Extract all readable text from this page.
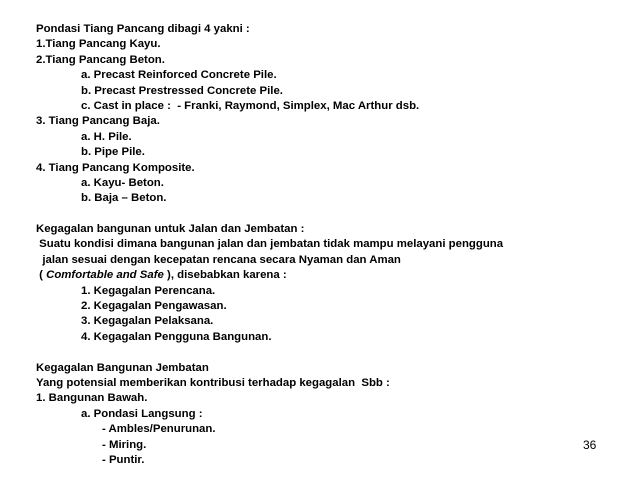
Pondasi Tiang Pancang dibagi 4 yakni :
1.Tiang Pancang Kayu.
2.Tiang Pancang Beton.
a. Precast Reinforced Concrete Pile.
b. Precast Prestressed Concrete Pile.
c. Cast in place :  - Franki, Raymond, Simplex, Mac Arthur dsb.
3. Tiang Pancang Baja.
a. H. Pile.
b. Pipe Pile.
4. Tiang Pancang Komposite.
a. Kayu- Beton.
b. Baja – Beton.
Kegagalan bangunan untuk Jalan dan Jembatan :
Suatu kondisi dimana bangunan jalan dan jembatan tidak mampu melayani pengguna
jalan sesuai dengan kecepatan rencana secara Nyaman dan Aman
( Comfortable and Safe ), disebabkan karena :
1. Kegagalan Perencana.
2. Kegagalan Pengawasan.
3. Kegagalan Pelaksana.
4. Kegagalan Pengguna Bangunan.
Kegagalan Bangunan Jembatan
Yang potensial memberikan kontribusi terhadap kegagalan  Sbb :
1. Bangunan Bawah.
a. Pondasi Langsung :
- Ambles/Penurunan.
- Miring.
- Puntir.
36
